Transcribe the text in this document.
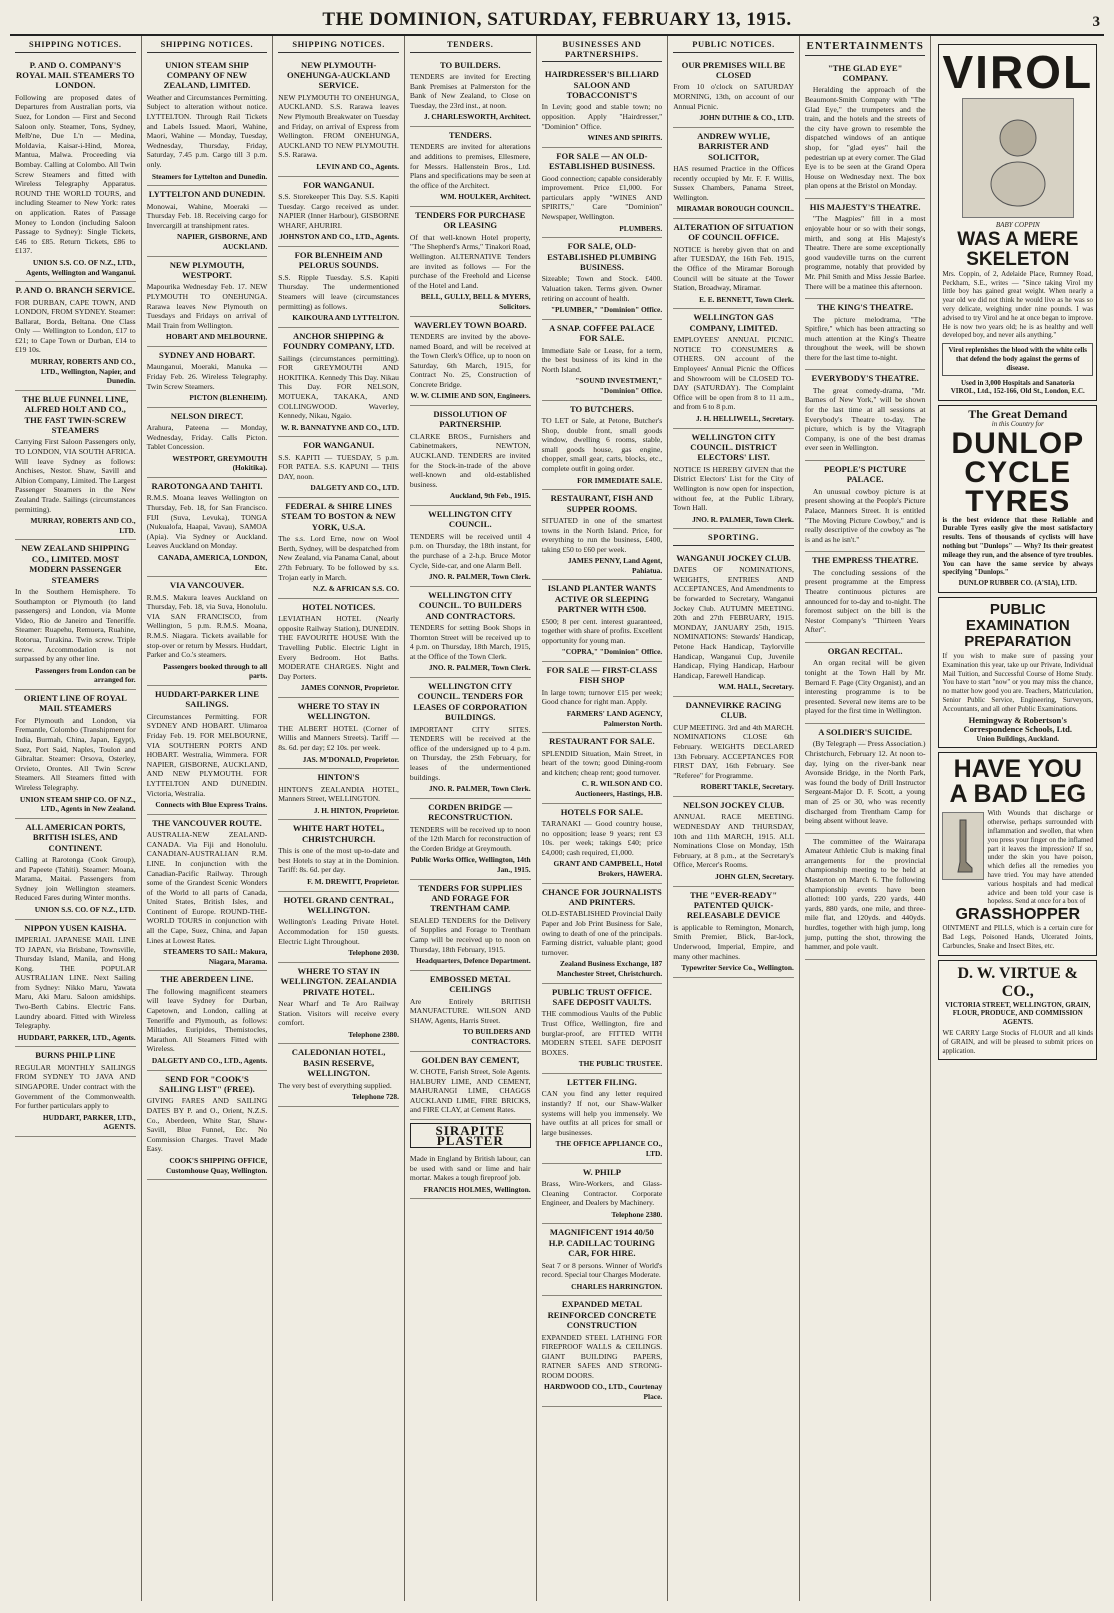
THE DOMINION, SATURDAY, FEBRUARY 13, 1915.	3
SHIPPING NOTICES.
P. AND O. COMPANY'S ROYAL MAIL STEAMERS TO LONDON.
Following are proposed dates of Departures from Australian ports, via Suez, for London — First and Second Saloon only. Steamer, Tons, Sydney, Melb'ne, Due L'n — Medina, Moldavia, Kaisar-i-Hind, Morea, Mantua, Malwa. Proceeding via Bombay. Calling at Colombo. All Twin Screw Steamers and fitted with Wireless Telegraphy Apparatus. ROUND THE WORLD TOURS, and including Steamer to New York: rates on application. Rates of Passage Money to London (including Saloon Passage to Sydney): Single Tickets, £46 to £85. Return Tickets, £86 to £137.
UNION S.S. CO. OF N.Z., LTD., Agents, Wellington and Wanganui.
P. AND O. BRANCH SERVICE.
FOR DURBAN, CAPE TOWN, AND LONDON, FROM SYDNEY. Steamer: Ballarat, Borda, Beltana. One Class Only — Wellington to London, £17 to £21; to Cape Town or Durban, £14 to £19 10s.
MURRAY, ROBERTS AND CO., LTD., Wellington, Napier, and Dunedin.
THE BLUE FUNNEL LINE, ALFRED HOLT AND CO., THE FAST TWIN-SCREW STEAMERS
Carrying First Saloon Passengers only, TO LONDON, VIA SOUTH AFRICA. Will leave Sydney as follows: Anchises, Nestor. Shaw, Savill and Albion Company, Limited. The Largest Passenger Steamers in the New Zealand Trade. Sailings (circumstances permitting).
MURRAY, ROBERTS AND CO., LTD.
NEW ZEALAND SHIPPING CO., LIMITED. MOST MODERN PASSENGER STEAMERS
In the Southern Hemisphere. To Southampton or Plymouth (to land passengers) and London, via Monte Video, Rio de Janeiro and Teneriffe. Steamer: Ruapehu, Remuera, Ruahine, Rotorua, Turakina. Twin screw. Triple screw. Accommodation is not surpassed by any other line.
Passengers from London can be arranged for.
ORIENT LINE OF ROYAL MAIL STEAMERS
For Plymouth and London, via Fremantle, Colombo (Transhipment for India, Burmah, China, Japan, Egypt), Suez, Port Said, Naples, Toulon and Gibraltar. Steamer: Orsova, Osterley, Orvieto, Orontes. All Twin Screw Steamers. All Steamers fitted with Wireless Telegraphy.
UNION STEAM SHIP CO. OF N.Z., LTD., Agents in New Zealand.
ALL AMERICAN PORTS, BRITISH ISLES, AND CONTINENT.
Calling at Rarotonga (Cook Group), and Papeete (Tahiti). Steamer: Moana, Marama, Maitai. Passengers from Sydney join Wellington steamers. Reduced Fares during Winter months.
UNION S.S. CO. OF N.Z., LTD.
NIPPON YUSEN KAISHA.
IMPERIAL JAPANESE MAIL LINE TO JAPAN, via Brisbane, Townsville, Thursday Island, Manila, and Hong Kong. THE POPULAR AUSTRALIAN LINE. Next Sailing from Sydney: Nikko Maru, Yawata Maru, Aki Maru. Saloon amidships. Two-Berth Cabins. Electric Fans. Laundry aboard. Fitted with Wireless Telegraphy.
HUDDART, PARKER, LTD., Agents.
BURNS PHILP LINE
REGULAR MONTHLY SAILINGS FROM SYDNEY TO JAVA AND SINGAPORE. Under contract with the Government of the Commonwealth. For further particulars apply to
HUDDART, PARKER, LTD., AGENTS.
SHIPPING NOTICES.
UNION STEAM SHIP COMPANY OF NEW ZEALAND, LIMITED.
Weather and Circumstances Permitting. Subject to alteration without notice. LYTTELTON. Through Rail Tickets and Labels Issued. Maori, Wahine, Maori, Wahine — Monday, Tuesday, Wednesday, Thursday, Friday, Saturday, 7.45 p.m. Cargo till 3 p.m. only.
Steamers for Lyttelton and Dunedin.
LYTTELTON AND DUNEDIN.
Monowai, Wahine, Moeraki — Thursday Feb. 18. Receiving cargo for Invercargill at transhipment rates.
NAPIER, GISBORNE, AND AUCKLAND.
NEW PLYMOUTH, WESTPORT.
Mapourika Wednesday Feb. 17. NEW PLYMOUTH TO ONEHUNGA. Rarawa leaves New Plymouth on Tuesdays and Fridays on arrival of Mail Train from Wellington.
HOBART AND MELBOURNE.
SYDNEY AND HOBART.
Maunganui, Moeraki, Manuka — Friday Feb. 26. Wireless Telegraphy. Twin Screw Steamers.
PICTON (BLENHEIM).
NELSON DIRECT.
Arahura, Pateena — Monday, Wednesday, Friday. Calls Picton. Tablet Concession.
WESTPORT, GREYMOUTH (Hokitika).
RAROTONGA AND TAHITI.
R.M.S. Moana leaves Wellington on Thursday, Feb. 18, for San Francisco. FIJI (Suva, Levuka), TONGA (Nukualofa, Haapai, Vavau), SAMOA (Apia). Via Sydney or Auckland. Leaves Auckland on Monday.
CANADA, AMERICA, LONDON, Etc.
VIA VANCOUVER.
R.M.S. Makura leaves Auckland on Thursday, Feb. 18, via Suva, Honolulu. VIA SAN FRANCISCO, from Wellington, 5 p.m. R.M.S. Moana, R.M.S. Niagara. Tickets available for stop-over or return by Messrs. Huddart, Parker and Co.'s steamers.
Passengers booked through to all parts.
HUDDART-PARKER LINE SAILINGS.
Circumstances Permitting. FOR SYDNEY AND HOBART. Ulimaroa Friday Feb. 19. FOR MELBOURNE, VIA SOUTHERN PORTS AND HOBART. Westralia, Wimmera. FOR NAPIER, GISBORNE, AUCKLAND, AND NEW PLYMOUTH. FOR LYTTELTON AND DUNEDIN. Victoria, Westralia.
Connects with Blue Express Trains.
THE VANCOUVER ROUTE.
AUSTRALIA-NEW ZEALAND-CANADA. Via Fiji and Honolulu. CANADIAN-AUSTRALIAN R.M. LINE. In conjunction with the Canadian-Pacific Railway. Through some of the Grandest Scenic Wonders of the World to all parts of Canada, United States, British Isles, and Continent of Europe. ROUND-THE-WORLD TOURS in conjunction with all the Cape, Suez, China, and Japan Lines at Lowest Rates.
STEAMERS TO SAIL: Makura, Niagara, Marama.
THE ABERDEEN LINE.
The following magnificent steamers will leave Sydney for Durban, Capetown, and London, calling at Teneriffe and Plymouth, as follows: Miltiades, Euripides, Themistocles, Marathon. All Steamers Fitted with Wireless.
DALGETY AND CO., LTD., Agents.
SEND FOR "COOK'S SAILING LIST" (FREE).
GIVING FARES AND SAILING DATES BY P. and O., Orient, N.Z.S. Co., Aberdeen, White Star, Shaw-Savill, Blue Funnel, Etc. No Commission Charges. Travel Made Easy.
COOK'S SHIPPING OFFICE, Customhouse Quay, Wellington.
SHIPPING NOTICES.
NEW PLYMOUTH-ONEHUNGA-AUCKLAND SERVICE.
NEW PLYMOUTH TO ONEHUNGA, AUCKLAND. S.S. Rarawa leaves New Plymouth Breakwater on Tuesday and Friday, on arrival of Express from Wellington. FROM ONEHUNGA, AUCKLAND TO NEW PLYMOUTH. S.S. Rarawa.
LEVIN AND CO., Agents.
FOR WANGANUI.
S.S. Storekeeper This Day. S.S. Kapiti Tuesday. Cargo received as under. NAPIER (Inner Harbour), GISBORNE WHARF, AHURIRI.
JOHNSTON AND CO., LTD., Agents.
FOR BLENHEIM AND PELORUS SOUNDS.
S.S. Ripple Tuesday. S.S. Kapiti Thursday. The undermentioned Steamers will leave (circumstances permitting) as follows.
KAIKOURA AND LYTTELTON.
ANCHOR SHIPPING & FOUNDRY COMPANY, LTD.
Sailings (circumstances permitting). FOR GREYMOUTH AND HOKITIKA. Kennedy This Day. Nikau This Day. FOR NELSON, MOTUEKA, TAKAKA, AND COLLINGWOOD. Waverley, Kennedy, Nikau, Ngaio.
W. R. BANNATYNE AND CO., LTD.
FOR WANGANUI.
S.S. KAPITI — TUESDAY, 5 p.m. FOR PATEA. S.S. KAPUNI — THIS DAY, noon.
DALGETY AND CO., LTD.
FEDERAL & SHIRE LINES STEAM TO BOSTON & NEW YORK, U.S.A.
The s.s. Lord Erne, now on Wool Berth, Sydney, will be despatched from New Zealand, via Panama Canal, about 27th February. To be followed by s.s. Trojan early in March.
N.Z. & AFRICAN S.S. CO.
HOTEL NOTICES.
LEVIATHAN HOTEL (Nearly opposite Railway Station), DUNEDIN. THE FAVOURITE HOUSE With the Travelling Public. Electric Light in Every Bedroom. Hot Baths. MODERATE CHARGES. Night and Day Porters.
JAMES CONNOR, Proprietor.
WHERE TO STAY IN WELLINGTON.
THE ALBERT HOTEL (Corner of Willis and Manners Streets). Tariff — 8s. 6d. per day; £2 10s. per week.
JAS. M'DONALD, Proprietor.
HINTON'S
HINTON'S ZEALANDIA HOTEL, Manners Street, WELLINGTON.
J. H. HINTON, Proprietor.
WHITE HART HOTEL, CHRISTCHURCH.
This is one of the most up-to-date and best Hotels to stay at in the Dominion. Tariff: 8s. 6d. per day.
F. M. DREWITT, Proprietor.
HOTEL GRAND CENTRAL, WELLINGTON.
Wellington's Leading Private Hotel. Accommodation for 150 guests. Electric Light Throughout.
Telephone 2030.
WHERE TO STAY IN WELLINGTON. ZEALANDIA PRIVATE HOTEL.
Near Wharf and Te Aro Railway Station. Visitors will receive every comfort.
Telephone 2380.
CALEDONIAN HOTEL, BASIN RESERVE, WELLINGTON.
The very best of everything supplied.
Telephone 728.
TENDERS.
TO BUILDERS.
TENDERS are invited for Erecting Bank Premises at Palmerston for the Bank of New Zealand, to Close on Tuesday, the 23rd inst., at noon.
J. CHARLESWORTH, Architect.
TENDERS.
TENDERS are invited for alterations and additions to premises, Ellesmere, for Messrs. Hallenstein Bros., Ltd. Plans and specifications may be seen at the office of the Architect.
WM. HOULKER, Architect.
TENDERS FOR PURCHASE OR LEASING
Of that well-known Hotel property, "The Shepherd's Arms," Tinakori Road, Wellington. ALTERNATIVE Tenders are invited as follows — For the purchase of the Freehold and License of the Hotel and Land.
BELL, GULLY, BELL & MYERS, Solicitors.
WAVERLEY TOWN BOARD.
TENDERS are invited by the above-named Board, and will be received at the Town Clerk's Office, up to noon on Saturday, 6th March, 1915, for Contract No. 25, Construction of Concrete Bridge.
W. W. CLIMIE AND SON, Engineers.
DISSOLUTION OF PARTNERSHIP.
CLARKE BROS., Furnishers and Cabinetmakers, NEWTON, AUCKLAND. TENDERS are invited for the Stock-in-trade of the above well-known and old-established business.
Auckland, 9th Feb., 1915.
WELLINGTON CITY COUNCIL.
TENDERS will be received until 4 p.m. on Thursday, the 18th instant, for the purchase of a 2-h.p. Bruce Motor Cycle, Side-car, and one Alarm Bell.
JNO. R. PALMER, Town Clerk.
WELLINGTON CITY COUNCIL. TO BUILDERS AND CONTRACTORS.
TENDERS for setting Book Shops in Thornton Street will be received up to 4 p.m. on Thursday, 18th March, 1915, at the Office of the Town Clerk.
JNO. R. PALMER, Town Clerk.
WELLINGTON CITY COUNCIL. TENDERS FOR LEASES OF CORPORATION BUILDINGS.
IMPORTANT CITY SITES. TENDERS will be received at the office of the undersigned up to 4 p.m. on Thursday, the 25th February, for leases of the undermentioned buildings.
JNO. R. PALMER, Town Clerk.
CORDEN BRIDGE — RECONSTRUCTION.
TENDERS will be received up to noon of the 12th March for reconstruction of the Corden Bridge at Greymouth.
Public Works Office, Wellington, 14th Jan., 1915.
TENDERS FOR SUPPLIES AND FORAGE FOR TRENTHAM CAMP.
SEALED TENDERS for the Delivery of Supplies and Forage to Trentham Camp will be received up to noon on Thursday, 18th February, 1915.
Headquarters, Defence Department.
EMBOSSED METAL CEILINGS
Are Entirely BRITISH MANUFACTURE. WILSON AND SHAW, Agents, Harris Street.
TO BUILDERS AND CONTRACTORS.
GOLDEN BAY CEMENT,
W. CHOTE, Farish Street, Sole Agents. HALBURY LIME, AND CEMENT, MAHURANGI LIME, CHAGGS AUCKLAND LIME, FIRE BRICKS, and FIRE CLAY, at Cement Rates.
SIRAPITE PLASTER
Made in England by British labour, can be used with sand or lime and hair mortar. Makes a tough fireproof job.
FRANCIS HOLMES, Wellington.
BUSINESSES AND PARTNERSHIPS.
HAIRDRESSER'S BILLIARD SALOON AND TOBACCONIST'S
In Levin; good and stable town; no opposition. Apply "Hairdresser," "Dominion" Office.
WINES AND SPIRITS.
FOR SALE — AN OLD-ESTABLISHED BUSINESS.
Good connection; capable considerably improvement. Price £1,000. For particulars apply "WINES AND SPIRITS," Care "Dominion" Newspaper, Wellington.
PLUMBERS.
FOR SALE, OLD-ESTABLISHED PLUMBING BUSINESS.
Sizeable; Town and Stock. £400. Valuation taken. Terms given. Owner retiring on account of health.
"PLUMBER," "Dominion" Office.
A SNAP. COFFEE PALACE FOR SALE.
Immediate Sale or Lease, for a term, the best business of its kind in the North Island.
"SOUND INVESTMENT," "Dominion" Office.
TO BUTCHERS.
TO LET or Sale, at Petone, Butcher's Shop, double front, small goods window, dwelling 6 rooms, stable, small goods house, gas engine, chopper, small gear, carts, blocks, etc., complete outfit in going order.
FOR IMMEDIATE SALE.
RESTAURANT, FISH AND SUPPER ROOMS.
SITUATED in one of the smartest towns in the North Island. Price, for everything to run the business, £400, taking £50 to £60 per week.
JAMES PENNY, Land Agent, Pahiatua.
ISLAND PLANTER WANTS ACTIVE OR SLEEPING PARTNER WITH £500.
£500; 8 per cent. interest guaranteed, together with share of profits. Excellent opportunity for young man.
"COPRA," "Dominion" Office.
FOR SALE — FIRST-CLASS FISH SHOP
In large town; turnover £15 per week; Good chance for right man. Apply.
FARMERS' LAND AGENCY, Palmerston North.
RESTAURANT FOR SALE.
SPLENDID Situation, Main Street, in heart of the town; good Dining-room and kitchen; cheap rent; good turnover.
C. R. WILSON AND CO. Auctioneers, Hastings, H.B.
HOTELS FOR SALE.
TARANAKI — Good country house, no opposition; lease 9 years; rent £3 10s. per week; takings £40; price £4,000; cash required, £1,000.
GRANT AND CAMPBELL, Hotel Brokers, HAWERA.
CHANCE FOR JOURNALISTS AND PRINTERS.
OLD-ESTABLISHED Provincial Daily Paper and Job Print Business for Sale, owing to death of one of the principals. Farming district, valuable plant; good turnover.
Zealand Business Exchange, 187 Manchester Street, Christchurch.
PUBLIC TRUST OFFICE. SAFE DEPOSIT VAULTS.
THE commodious Vaults of the Public Trust Office, Wellington, fire and burglar-proof, are FITTED WITH MODERN STEEL SAFE DEPOSIT BOXES.
THE PUBLIC TRUSTEE.
LETTER FILING.
CAN you find any letter required instantly? If not, our Shaw-Walker systems will help you immensely. We have outfits at all prices for small or large businesses.
THE OFFICE APPLIANCE CO., LTD.
W. PHILP
Brass, Wire-Workers, and Glass-Cleaning Contractor. Corporate Engineer, and Dealers by Machinery.
Telephone 2380.
MAGNIFICENT 1914 40/50 H.P. CADILLAC TOURING CAR, FOR HIRE.
Seat 7 or 8 persons. Winner of World's record. Special tour Charges Moderate.
CHARLES HARRINGTON.
EXPANDED METAL REINFORCED CONCRETE CONSTRUCTION
EXPANDED STEEL LATHING FOR FIREPROOF WALLS & CEILINGS. GIANT BUILDING PAPERS, RATNER SAFES AND STRONG-ROOM DOORS.
HARDWOOD CO., LTD., Courtenay Place.
PUBLIC NOTICES.
OUR PREMISES WILL BE CLOSED
From 10 o'clock on SATURDAY MORNING, 13th, on account of our Annual Picnic.
JOHN DUTHIE & CO., LTD.
ANDREW WYLIE, BARRISTER AND SOLICITOR,
HAS resumed Practice in the Offices recently occupied by Mr. F. F. Willis, Sussex Chambers, Panama Street, Wellington.
MIRAMAR BOROUGH COUNCIL.
ALTERATION OF SITUATION OF COUNCIL OFFICE.
NOTICE is hereby given that on and after TUESDAY, the 16th Feb. 1915, the Office of the Miramar Borough Council will be situate at the Tower Station, Broadway, Miramar.
E. E. BENNETT, Town Clerk.
WELLINGTON GAS COMPANY, LIMITED.
EMPLOYEES' ANNUAL PICNIC. NOTICE TO CONSUMERS & OTHERS. ON account of the Employees' Annual Picnic the Offices and Showroom will be CLOSED TO-DAY (SATURDAY). The Complaint Office will be open from 8 to 11 a.m., and from 6 to 8 p.m.
J. H. HELLIWELL, Secretary.
WELLINGTON CITY COUNCIL. DISTRICT ELECTORS' LIST.
NOTICE IS HEREBY GIVEN that the District Electors' List for the City of Wellington is now open for inspection, without fee, at the Public Library, Town Hall.
JNO. R. PALMER, Town Clerk.
SPORTING.
WANGANUI JOCKEY CLUB.
DATES OF NOMINATIONS, WEIGHTS, ENTRIES AND ACCEPTANCES, And Amendments to be forwarded to Secretary, Wanganui Jockey Club. AUTUMN MEETING. 20th and 27th FEBRUARY, 1915. MONDAY, JANUARY 25th, 1915. NOMINATIONS: Stewards' Handicap, Petone Hack Handicap, Taylorville Handicap, Wanganui Cup, Juvenile Handicap, Flying Handicap, Harbour Handicap, Farewell Handicap.
W.M. HALL, Secretary.
DANNEVIRKE RACING CLUB.
CUP MEETING. 3rd and 4th MARCH. NOMINATIONS CLOSE 6th February. WEIGHTS DECLARED 13th February. ACCEPTANCES FOR FIRST DAY, 16th February. See "Referee" for Programme.
ROBERT TAKLE, Secretary.
NELSON JOCKEY CLUB.
ANNUAL RACE MEETING. WEDNESDAY AND THURSDAY, 10th and 11th MARCH, 1915. ALL Nominations Close on Monday, 15th February, at 8 p.m., at the Secretary's Office, Mercer's Rooms.
JOHN GLEN, Secretary.
THE "EVER-READY" PATENTED QUICK-RELEASABLE DEVICE
is applicable to Remington, Monarch, Smith Premier, Blick, Bar-lock, Underwood, Imperial, Empire, and many other machines.
Typewriter Service Co., Wellington.
ENTERTAINMENTS
"THE GLAD EYE" COMPANY.

Heralding the approach of the Beaumont-Smith Company with "The Glad Eye," the trumpeters and the train, and the hotels and the streets of the city have grown to resemble the dispatched windows of an antique shop, for "glad eyes" hail the pedestrian up at every corner. The Glad Eye is to be seen at the Grand Opera House on Wednesday next. The box plan opens at the Bristol on Monday.

HIS MAJESTY'S THEATRE.

"The Magpies" fill in a most enjoyable hour or so with their songs, mirth, and song at His Majesty's Theatre. There are some exceptionally good vaudeville turns on the current programme, notably that provided by Mr. Phil Smith and Miss Jessie Barlee. There will be a matinee this afternoon.

THE KING'S THEATRE.

The picture melodrama, "The Spitfire," which has been attracting so much attention at the King's Theatre throughout the week, will be shown there for the last time to-night.

EVERYBODY'S THEATRE.

The great comedy-drama, "Mr. Barnes of New York," will be shown for the last time at all sessions at Everybody's Theatre to-day. The picture, which is by the Vitagraph Company, is one of the best dramas ever seen in Wellington.

PEOPLE'S PICTURE PALACE.

An unusual cowboy picture is at present showing at the People's Picture Palace, Manners Street. It is entitled "The Moving Picture Cowboy," and is really descriptive of the cowboy as "he is and as he isn't."

THE EMPRESS THEATRE.

The concluding sessions of the present programme at the Empress Theatre continuous pictures are announced for to-day and to-night. The foremost subject on the bill is the Nestor Company's "Thirteen Years After".

ORGAN RECITAL.

An organ recital will be given tonight at the Town Hall by Mr. Bernard F. Page (City Organist), and an interesting programme is to be presented. Several new items are to be played for the first time in Wellington.

A SOLDIER'S SUICIDE.

(By Telegraph — Press Association.) Christchurch, February 12. At noon to-day, lying on the river-bank near Avonside Bridge, in the North Park, was found the body of Drill Instructor Sergeant-Major D. F. Scott, a young man of 25 or 30, who was recently discharged from Trentham Camp for being absent without leave.

The committee of the Wairarapa Amateur Athletic Club is making final arrangements for the provincial championship meeting to be held at Masterton on March 6. The following championship events have been allotted: 100 yards, 220 yards, 440 yards, 880 yards, one mile, and three-mile flat, and 120yds. and 440yds. hurdles, together with high jump, long jump, putting the shot, throwing the hammer, and pole vault.

VIROL
BABY COPPIN
WAS A MERE SKELETON
Mrs. Coppin, of 2, Adelaide Place, Rumney Road, Peckham, S.E., writes — "Since taking Virol my little boy has gained great weight. When nearly a year old we did not think he would live as he was so very delicate, weighing under nine pounds. I was advised to try Virol and he at once began to improve. He is now two years old; he is as healthy and well developed boy, and never ails anything."
Virol replenishes the blood with the white cells that defend the body against the germs of disease.
Used in 3,000 Hospitals and Sanatoria
VIROL, Ltd., 152-166, Old St., London, E.C.
The Great Demand
in this Country for
DUNLOP
CYCLE
TYRES
is the best evidence that these Reliable and Durable Tyres easily give the most satisfactory results. Tens of thousands of cyclists will have nothing but "Dunlops" — Why? Its their greatest mileage they run, and the absence of tyre troubles. You can have the same service by always specifying "Dunlops."
DUNLOP RUBBER CO. (A'SIA), LTD.
PUBLIC EXAMINATION PREPARATION
If you wish to make sure of passing your Examination this year, take up our Private, Individual Mail Tuition, and Successful Course of Home Study. You have to start "now" or you may miss the chance, no matter how good you are. Teachers, Matriculation, Senior Public Service, Engineering, Surveyors, Accountants, and all other Public Examinations.
Hemingway & Robertson's Correspondence Schools, Ltd.
Union Buildings, Auckland.
HAVE YOU A BAD LEG
With Wounds that discharge or otherwise, perhaps surrounded with inflammation and swollen, that when you press your finger on the inflamed part it leaves the impression? If so, under the skin you have poison, which defies all the remedies you have tried. You may have attended various hospitals and had medical advice and been told your case is hopeless. Send at once for a box of
GRASSHOPPER
OINTMENT and PILLS, which is a certain cure for Bad Legs, Poisoned Hands, Ulcerated Joints, Carbuncles, Snake and Insect Bites, etc.
D. W. VIRTUE & CO.,
VICTORIA STREET, WELLINGTON, GRAIN, FLOUR, PRODUCE, AND COMMISSION AGENTS.
WE CARRY Large Stocks of FLOUR and all kinds of GRAIN, and will be pleased to submit prices on application.
